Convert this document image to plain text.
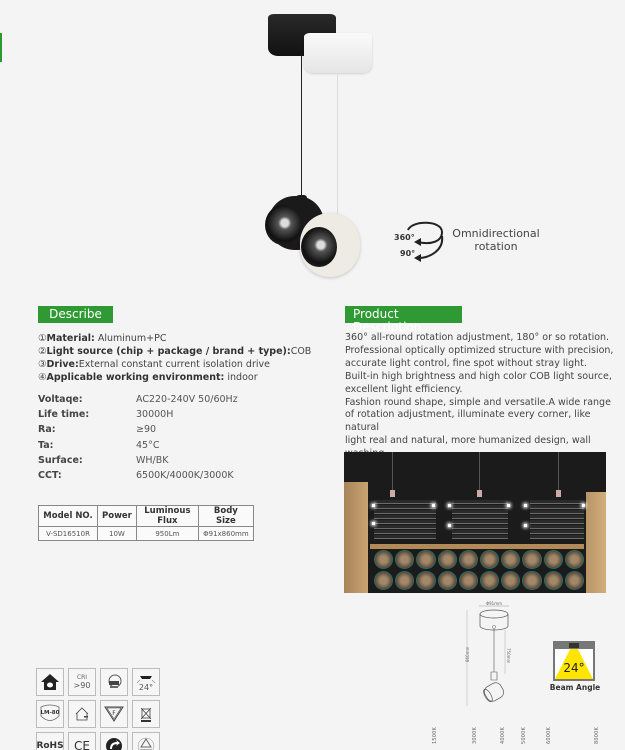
360°
90°
Omnidirectional
rotation
Describe
①Material: Aluminum+PC
②Light source (chip + package / brand + type):COB
③Drive:External constant current isolation drive
④Applicable working environment: indoor
Voltaqe:	AC220-240V 50/60Hz
Life time:	30000H
Ra:	≥90
Ta:	45°C
Surface:	WH/BK
CCT:	6500K/4000K/3000K
Model NO.	Power	Luminous Flux	Body Size
V-SD16510R	10W	950Lm	Φ91x860mm
Product Description
360° all-round rotation adjustment, 180° or so rotation.
Professional optically optimized structure with precision,
accurate light control, fine spot without stray light.
Built-in high brightness and high color COB light source,
excellent light efficiency.
Fashion round shape, simple and versatile.A wide range
of rotation adjustment, illuminate every corner, like natural
light real and natural, more humanized design, wall
Φ91mm
860mm	750mm
24°
Beam Angle
1500K	3000K	4000K	5000K	6000K	8000K
CRI
>90	24°
LM-80	F
RoHS CE
